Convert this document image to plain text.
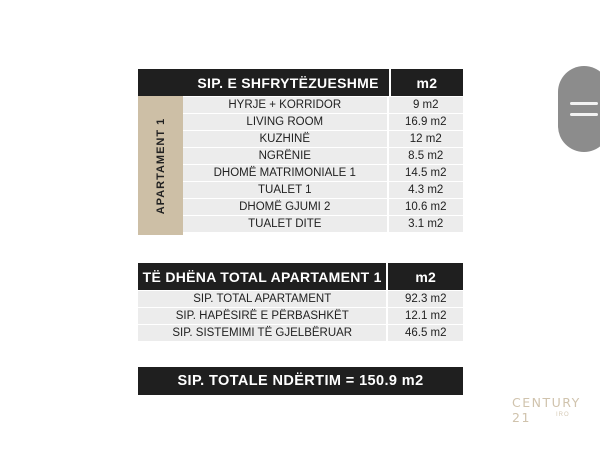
SIP. E SHFRYTËZUESHME	m2
APARTAMENT 1
HYRJE + KORRIDOR	9 m2
LIVING ROOM	16.9 m2
KUZHINË	12 m2
NGRËNIE	8.5 m2
DHOMË MATRIMONIALE 1	14.5 m2
TUALET 1	4.3 m2
DHOMË GJUMI 2	10.6 m2
TUALET DITE	3.1 m2
TË DHËNA TOTAL APARTAMENT 1	m2
SIP. TOTAL APARTAMENT	92.3 m2
SIP. HAPËSIRË E PËRBASHKËT	12.1 m2
SIP. SISTEMIMI TË GJELBËRUAR	46.5 m2
SIP. TOTALE NDËRTIM = 150.9 m2
CENTURY 21	IRO
